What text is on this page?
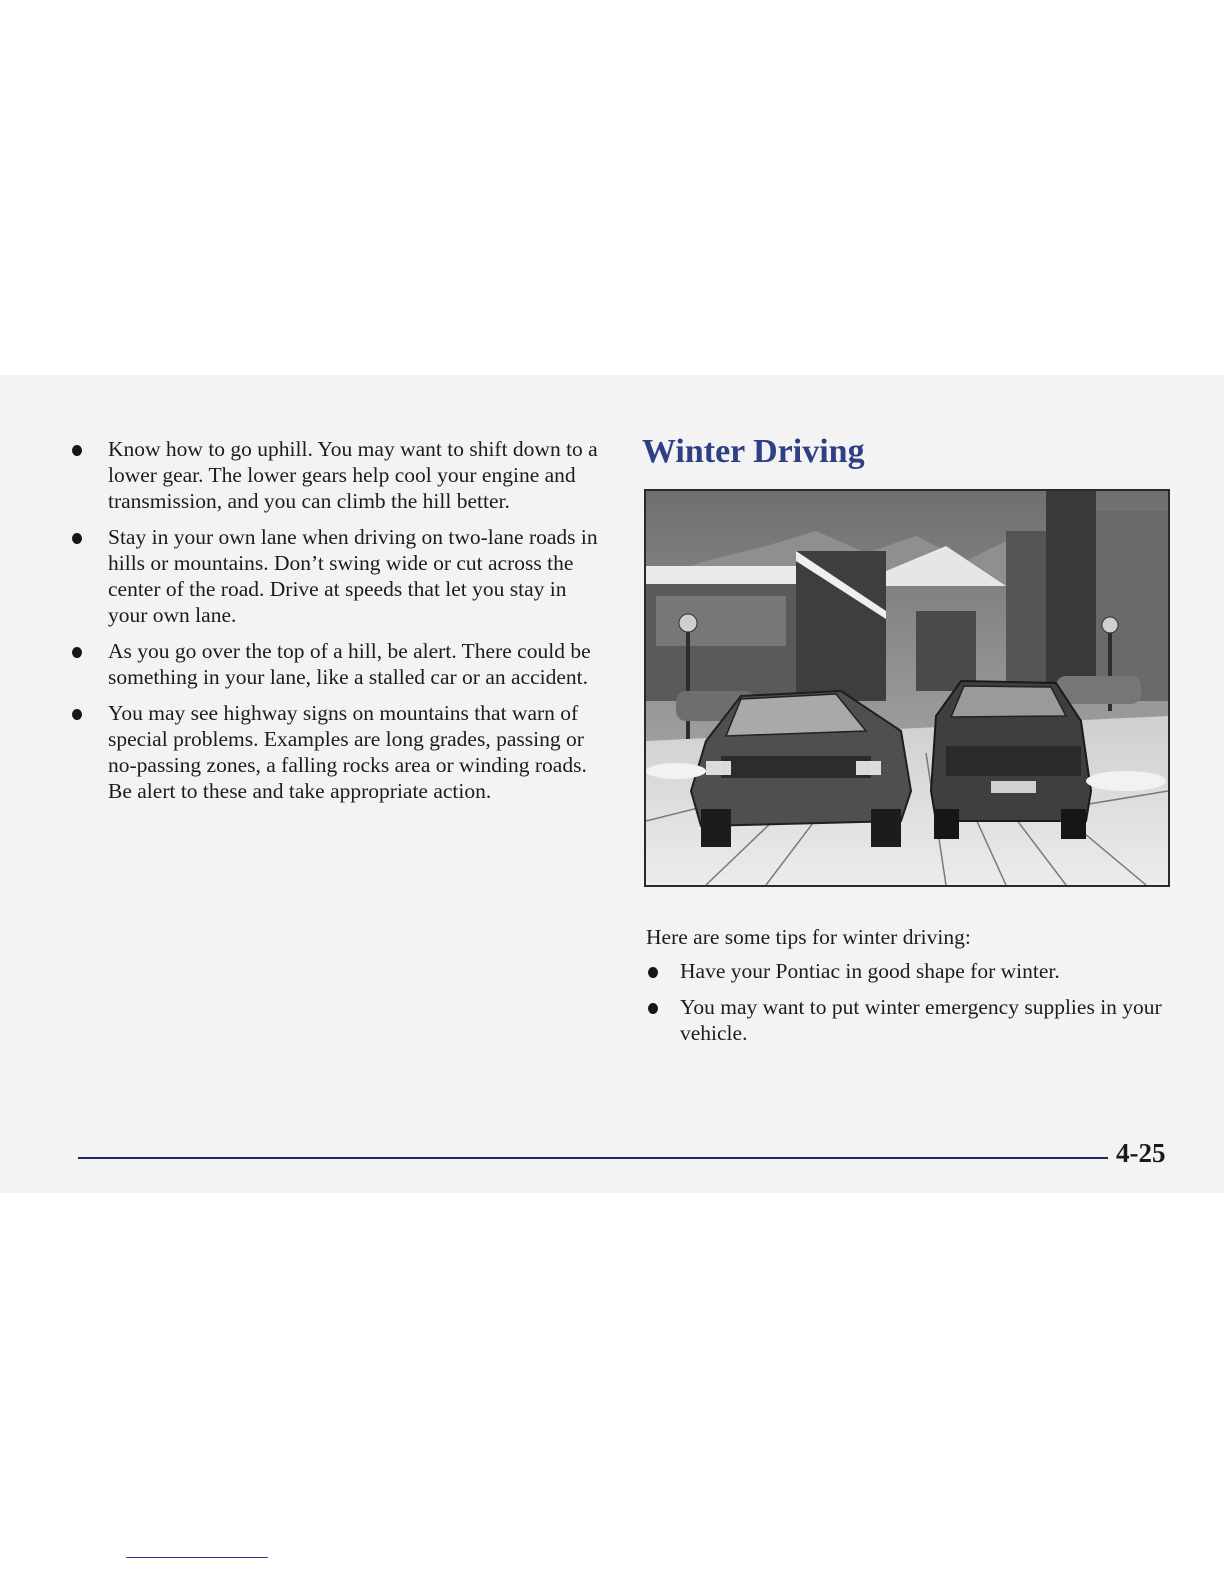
Know how to go uphill. You may want to shift down to a lower gear. The lower gears help cool your engine and transmission, and you can climb the hill better.
Stay in your own lane when driving on two-lane roads in hills or mountains. Don’t swing wide or cut across the center of the road. Drive at speeds that let you stay in your own lane.
As you go over the top of a hill, be alert. There could be something in your lane, like a stalled car or an accident.
You may see highway signs on mountains that warn of special problems. Examples are long grades, passing or no-passing zones, a falling rocks area or winding roads. Be alert to these and take appropriate action.
Winter Driving
Here are some tips for winter driving:
Have your Pontiac in good shape for winter.
You may want to put winter emergency supplies in your vehicle.
4-25
